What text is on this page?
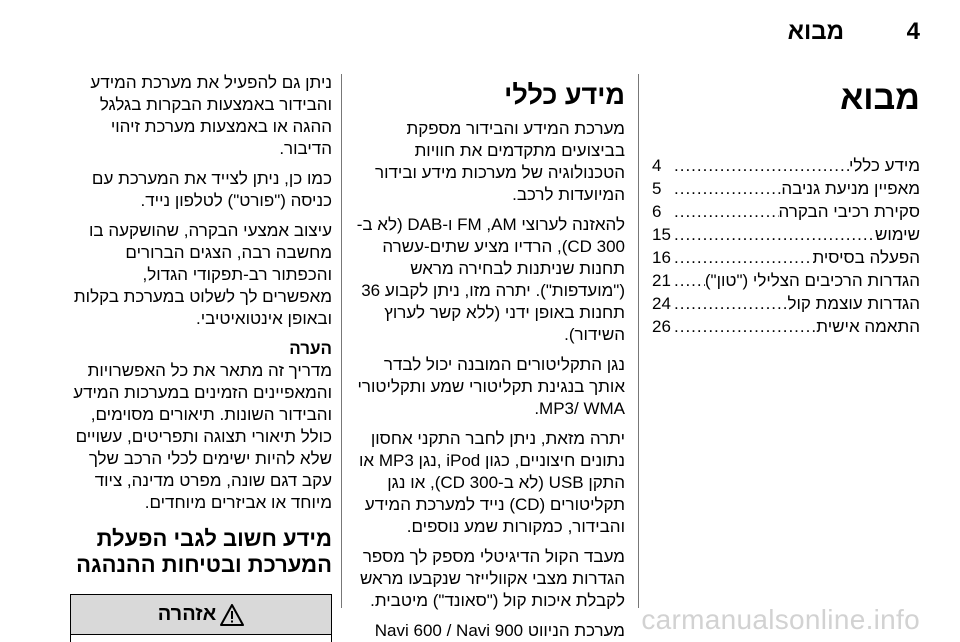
מבוא	4
מבוא
מידע כללי
.....
4
מאפיין מניעת גניבה
.....
5
סקירת רכיבי הבקרה
.....
6
שימוש
.....
15
הפעלה בסיסית
.....
16
הגדרות הרכיבים הצלילי ("טון")
.....
21
הגדרות עוצמת קול
.....
24
התאמה אישית
.....
26
מידע כללי

מערכת המידע והבידור מספקת בביצועים מתקדמים את חוויות הטכנולוגיה של מערכות מידע ובידור המיועדות לרכב.

להאזנה לערוצי FM ,AM ו-DAB (לא ב-CD 300), הרדיו מציע שתים-עשרה תחנות שניתנות לבחירה מראש ("מועדפות"). יתרה מזו, ניתן לקבוע 36 תחנות באופן ידני (ללא קשר לערוץ השידור).

נגן התקליטורים המובנה יכול לבדר אותך בנגינת תקליטורי שמע ותקליטורי MP3/ WMA.

יתרה מזאת, ניתן לחבר התקני אחסון נתונים חיצוניים, כגון iPod ,נגן MP3 או התקן USB (לא ב-CD 300), או נגן תקליטורים (CD) נייד למערכת המידע והבידור, כמקורות שמע נוספים.

מעבד הקול הדיגיטלי מספק לך מספר הגדרות מצבי אקוולייזר שנקבעו מראש לקבלת איכות קול ("סאונד") מיטבית.

מערכת הניווט Navi 600 / Navi 900

ניתן גם להפעיל את מערכת המידע והבידור באמצעות הבקרות בגלגל ההגה או באמצעות מערכת זיהוי הדיבור.

כמו כן, ניתן לצייד את המערכת עם כניסה ("פורט") לטלפון נייד.

עיצוב אמצעי הבקרה, שהושקעה בו מחשבה רבה, הצגים הברורים והכפתור רב-תפקודי הגדול, מאפשרים לך לשלוט במערכת בקלות ובאופן אינטואיטיבי.

הערה

מדריך זה מתאר את כל האפשרויות והמאפיינים הזמינים במערכות המידע והבידור השונות. תיאורים מסוימים, כולל תיאורי תצוגה ותפריטים, עשויים שלא להיות ישימים לכלי הרכב שלך עקב דגם שונה, מפרט מדינה, ציוד מיוחד או אביזרים מיוחדים.

מידע חשוב לגבי הפעלת המערכת ובטיחות ההנהגה
אזהרה	carmanualsonline.info
